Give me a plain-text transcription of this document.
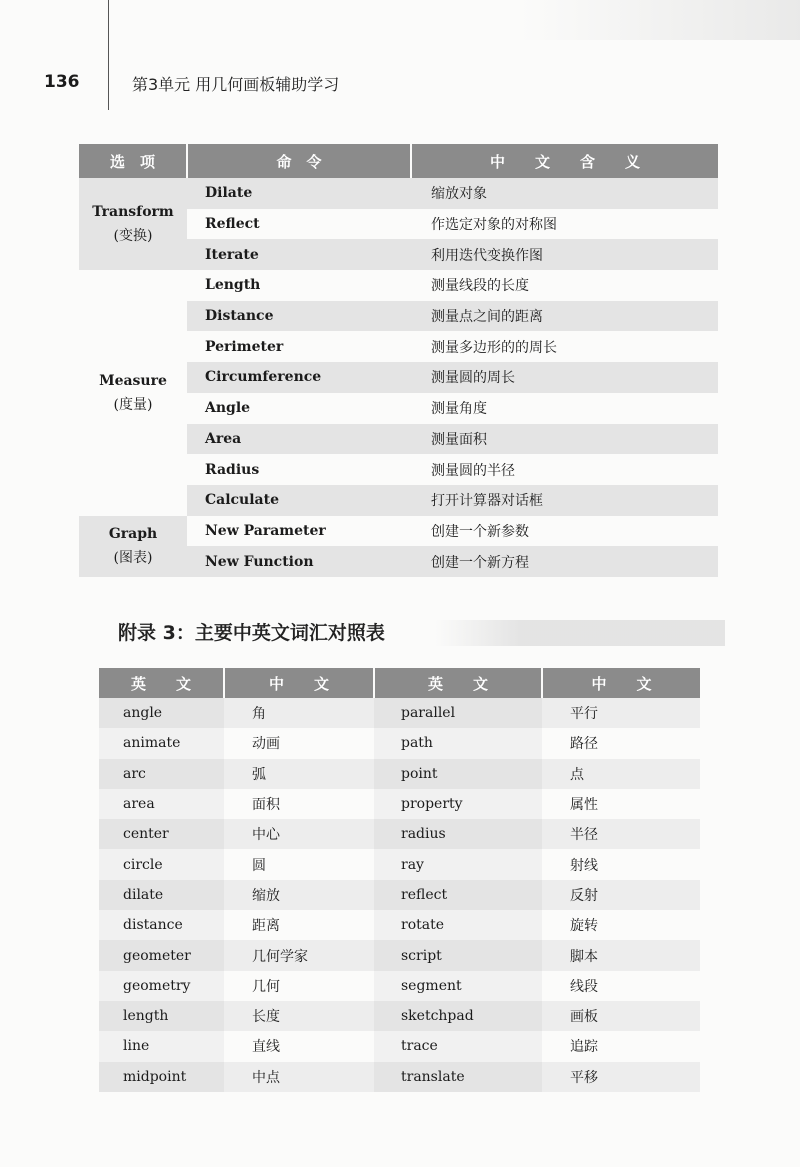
136	第3单元 用几何画板辅助学习
选　项	命　令	中　　文　　含　　义

Transform
(变换)	Dilate	缩放对象
	Reflect	作选定对象的对称图
	Iterate	利用迭代变换作图

Measure
(度量)	Length	测量线段的长度
	Distance	测量点之间的距离
	Perimeter	测量多边形的的周长
	Circumference	测量圆的周长
	Angle	测量角度
	Area	测量面积
	Radius	测量圆的半径
	Calculate	打开计算器对话框

Graph
(图表)	New Parameter	创建一个新参数
	New Function	创建一个新方程
附录 3：主要中英文词汇对照表
英　　文	中　　文	英　　文	中　　文
angle	角	parallel	平行
animate	动画	path	路径
arc	弧	point	点
area	面积	property	属性
center	中心	radius	半径
circle	圆	ray	射线
dilate	缩放	reflect	反射
distance	距离	rotate	旋转
geometer	几何学家	script	脚本
geometry	几何	segment	线段
length	长度	sketchpad	画板
line	直线	trace	追踪
midpoint	中点	translate	平移
